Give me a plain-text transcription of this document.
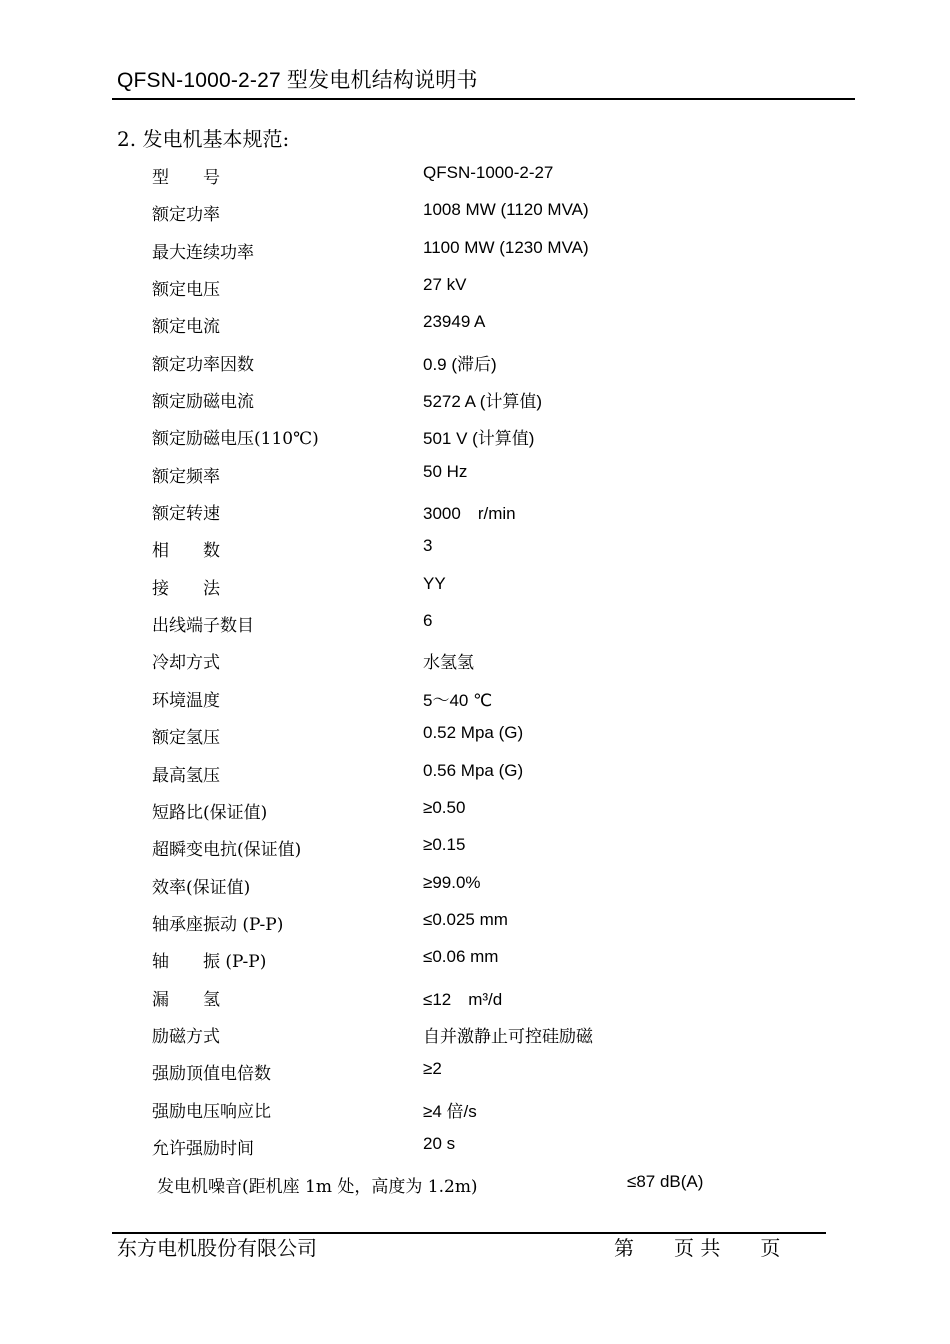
QFSN-1000-2-27 型发电机结构说明书
2. 发电机基本规范:
型　　号	QFSN-1000-2-27
额定功率	1008 MW (1120 MVA)
最大连续功率	1100 MW (1230 MVA)
额定电压	27 kV
额定电流	23949 A
额定功率因数	0.9 (滞后)
额定励磁电流	5272 A (计算值)
额定励磁电压(110℃)	501 V (计算值)
额定频率	50 Hz
额定转速	3000　r/min
相　　数	3
接　　法	YY
出线端子数目	6
冷却方式	水氢氢
环境温度	5～40 ℃
额定氢压	0.52 Mpa (G)
最高氢压	0.56 Mpa (G)
短路比(保证值)	≥0.50
超瞬变电抗(保证值)	≥0.15
效率(保证值)	≥99.0%
轴承座振动 (P-P)	≤0.025 mm
轴　　振 (P-P)	≤0.06 mm
漏　　氢	≤12　m³/d
励磁方式	自并激静止可控硅励磁
强励顶值电倍数	≥2
强励电压响应比	≥4 倍/s
允许强励时间	20 s
发电机噪音(距机座 1m 处，高度为 1.2m)	≤87 dB(A)
东方电机股份有限公司	第　　页 共　　页
